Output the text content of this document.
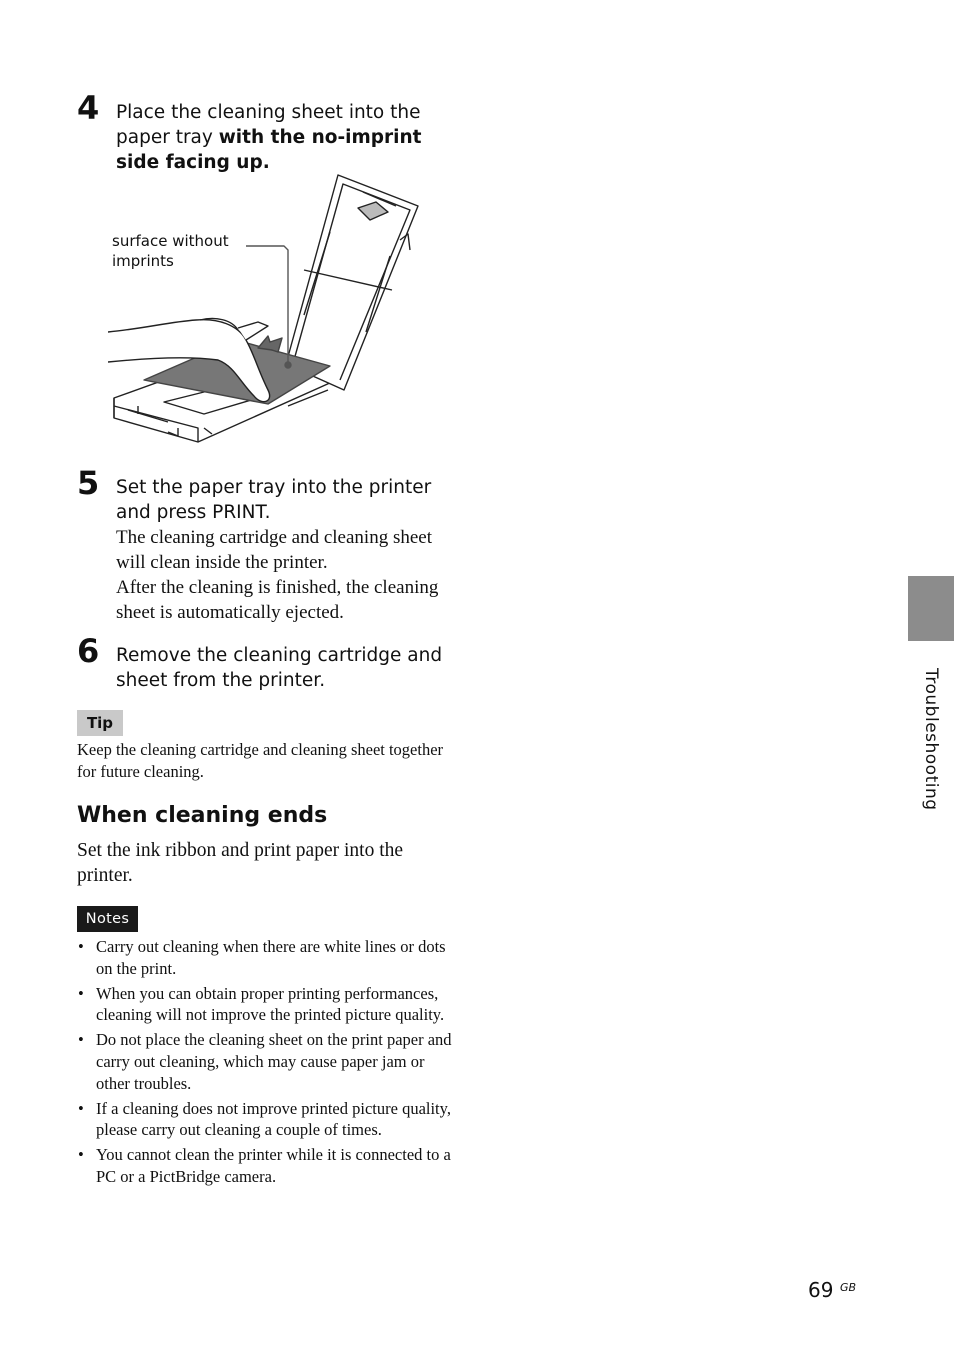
4 Place the cleaning sheet into the paper tray with the no-imprint side facing up.
surface without imprints
5 Set the paper tray into the printer and press PRINT.
The cleaning cartridge and cleaning sheet will clean inside the printer.
After the cleaning is finished, the cleaning sheet is automatically ejected.
6 Remove the cleaning cartridge and sheet from the printer.
Tip
Keep the cleaning cartridge and cleaning sheet together for future cleaning.
When cleaning ends
Set the ink ribbon and print paper into the printer.
Notes
• Carry out cleaning when there are white lines or dots on the print.
• When you can obtain proper printing performances, cleaning will not improve the printed picture quality.
• Do not place the cleaning sheet on the print paper and carry out cleaning, which may cause paper jam or other troubles.
• If a cleaning does not improve printed picture quality, please carry out cleaning a couple of times.
• You cannot clean the printer while it is connected to a PC or a PictBridge camera.
Troubleshooting
69 GB
